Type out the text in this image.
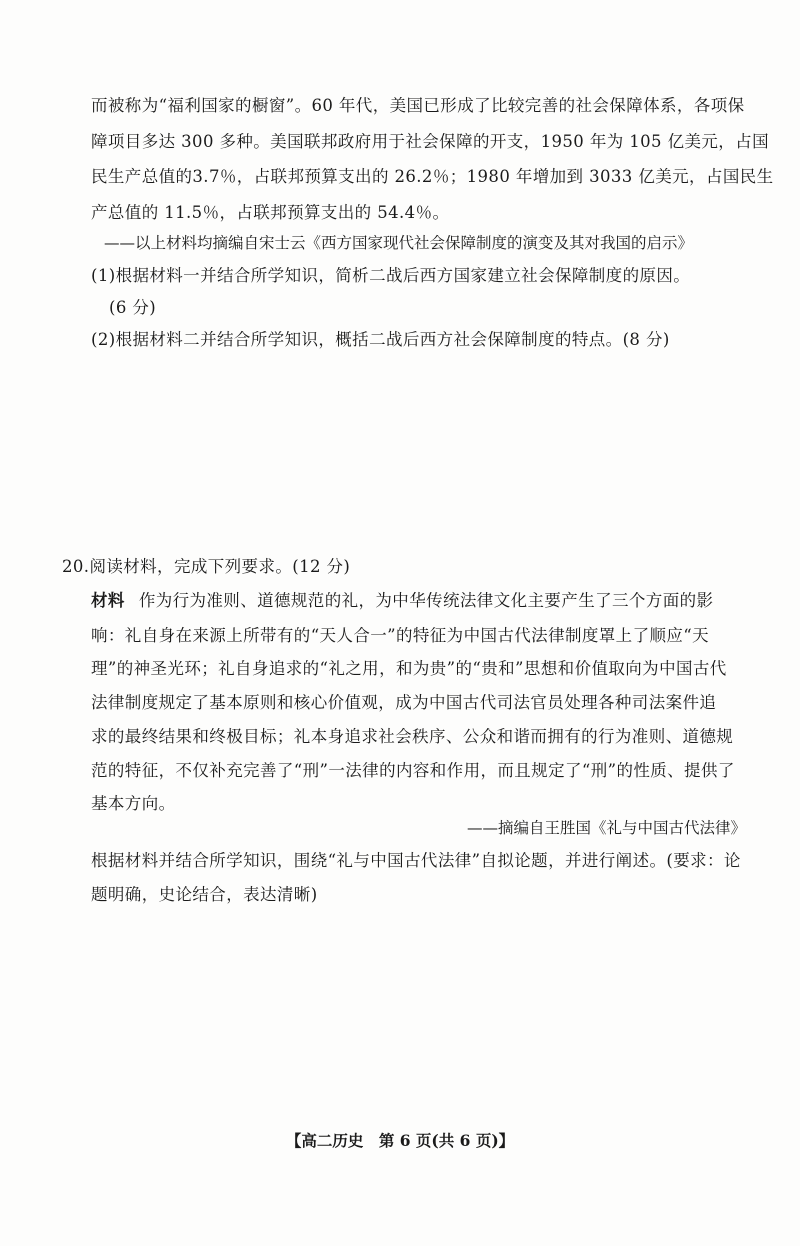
而被称为“福利国家的橱窗”。60 年代，美国已形成了比较完善的社会保障体系，各项保
障项目多达 300 多种。美国联邦政府用于社会保障的开支，1950 年为 105 亿美元，占国
民生产总值的3.7％，占联邦预算支出的 26.2％；1980 年增加到 3033 亿美元，占国民生
产总值的 11.5％，占联邦预算支出的 54.4％。
——以上材料均摘编自宋士云《西方国家现代社会保障制度的演变及其对我国的启示》
(1)根据材料一并结合所学知识，简析二战后西方国家建立社会保障制度的原因。
(6 分)
(2)根据材料二并结合所学知识，概括二战后西方社会保障制度的特点。(8 分)
20.阅读材料，完成下列要求。(12 分)
材料 作为行为准则、道德规范的礼，为中华传统法律文化主要产生了三个方面的影
响：礼自身在来源上所带有的“天人合一”的特征为中国古代法律制度罩上了顺应“天
理”的神圣光环；礼自身追求的“礼之用，和为贵”的“贵和”思想和价值取向为中国古代
法律制度规定了基本原则和核心价值观，成为中国古代司法官员处理各种司法案件追
求的最终结果和终极目标；礼本身追求社会秩序、公众和谐而拥有的行为准则、道德规
范的特征，不仅补充完善了“刑”一法律的内容和作用，而且规定了“刑”的性质、提供了
基本方向。
——摘编自王胜国《礼与中国古代法律》
根据材料并结合所学知识，围绕“礼与中国古代法律”自拟论题，并进行阐述。(要求：论
题明确，史论结合，表达清晰)
【高二历史　第 6 页(共 6 页)】
